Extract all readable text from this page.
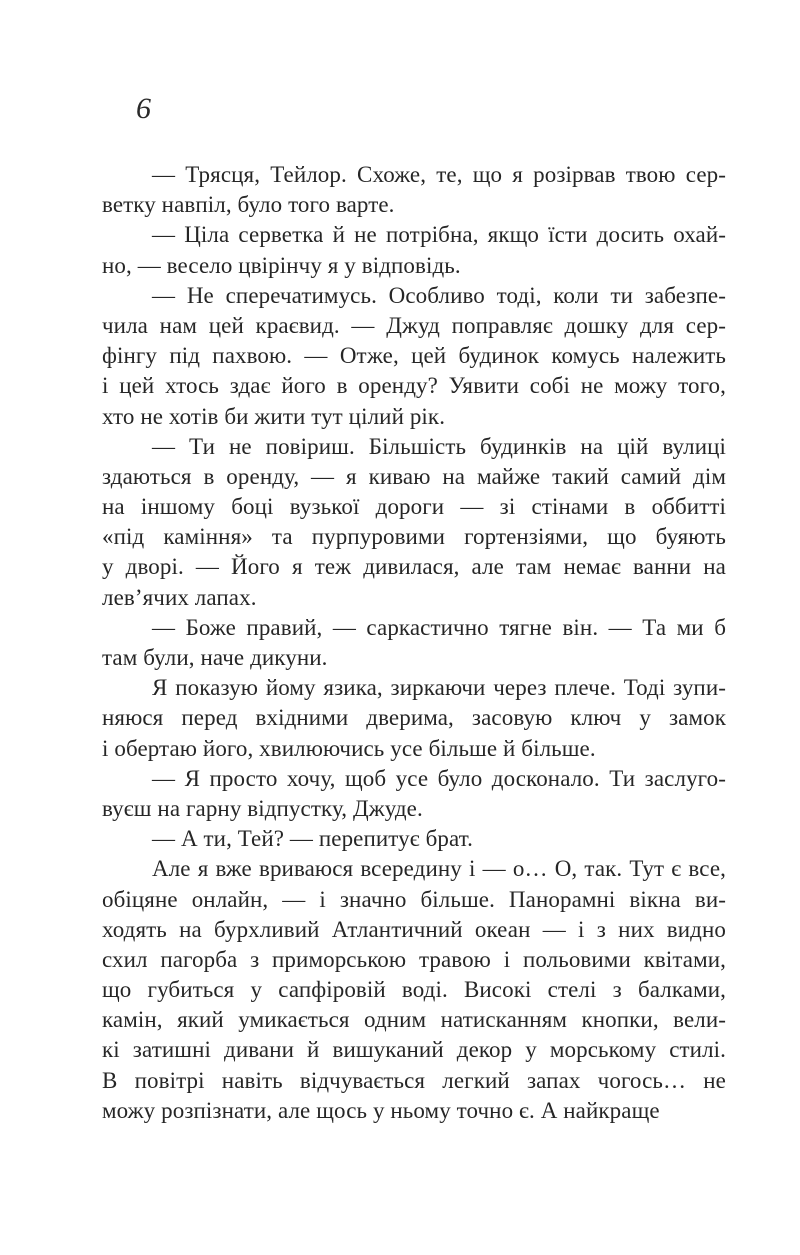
6
— Трясця, Тейлор. Схоже, те, що я розірвав твою сер-
ветку навпіл, було того варте.
— Ціла серветка й не потрібна, якщо їсти досить охай-
но, — весело цвірінчу я у відповідь.
— Не сперечатимусь. Особливо тоді, коли ти забезпе-
чила нам цей краєвид. — Джуд поправляє дошку для сер-
фінгу під пахвою. — Отже, цей будинок комусь належить
і цей хтось здає його в оренду? Уявити собі не можу того,
хто не хотів би жити тут цілий рік.
— Ти не повіриш. Більшість будинків на цій вулиці
здаються в оренду, — я киваю на майже такий самий дім
на іншому боці вузької дороги — зі стінами в оббитті
«під каміння» та пурпуровими гортензіями, що буяють
у дворі. — Його я теж дивилася, але там немає ванни на
лев’ячих лапах.
— Боже правий, — саркастично тягне він. — Та ми б
там були, наче дикуни.
Я показую йому язика, зиркаючи через плече. Тоді зупи-
няюся перед вхідними дверима, засовую ключ у замок
і обертаю його, хвилюючись усе більше й більше.
— Я просто хочу, щоб усе було досконало. Ти заслуго-
вуєш на гарну відпустку, Джуде.
— А ти, Тей? — перепитує брат.
Але я вже вриваюся всередину і — о… О, так. Тут є все,
обіцяне онлайн, — і значно більше. Панорамні вікна ви-
ходять на бурхливий Атлантичний океан — і з них видно
схил пагорба з приморською травою і польовими квітами,
що губиться у сапфіровій воді. Високі стелі з балками,
камін, який умикається одним натисканням кнопки, вели-
кі затишні дивани й вишуканий декор у морському стилі.
В повітрі навіть відчувається легкий запах чогось… не
можу розпізнати, але щось у ньому точно є. А найкраще
